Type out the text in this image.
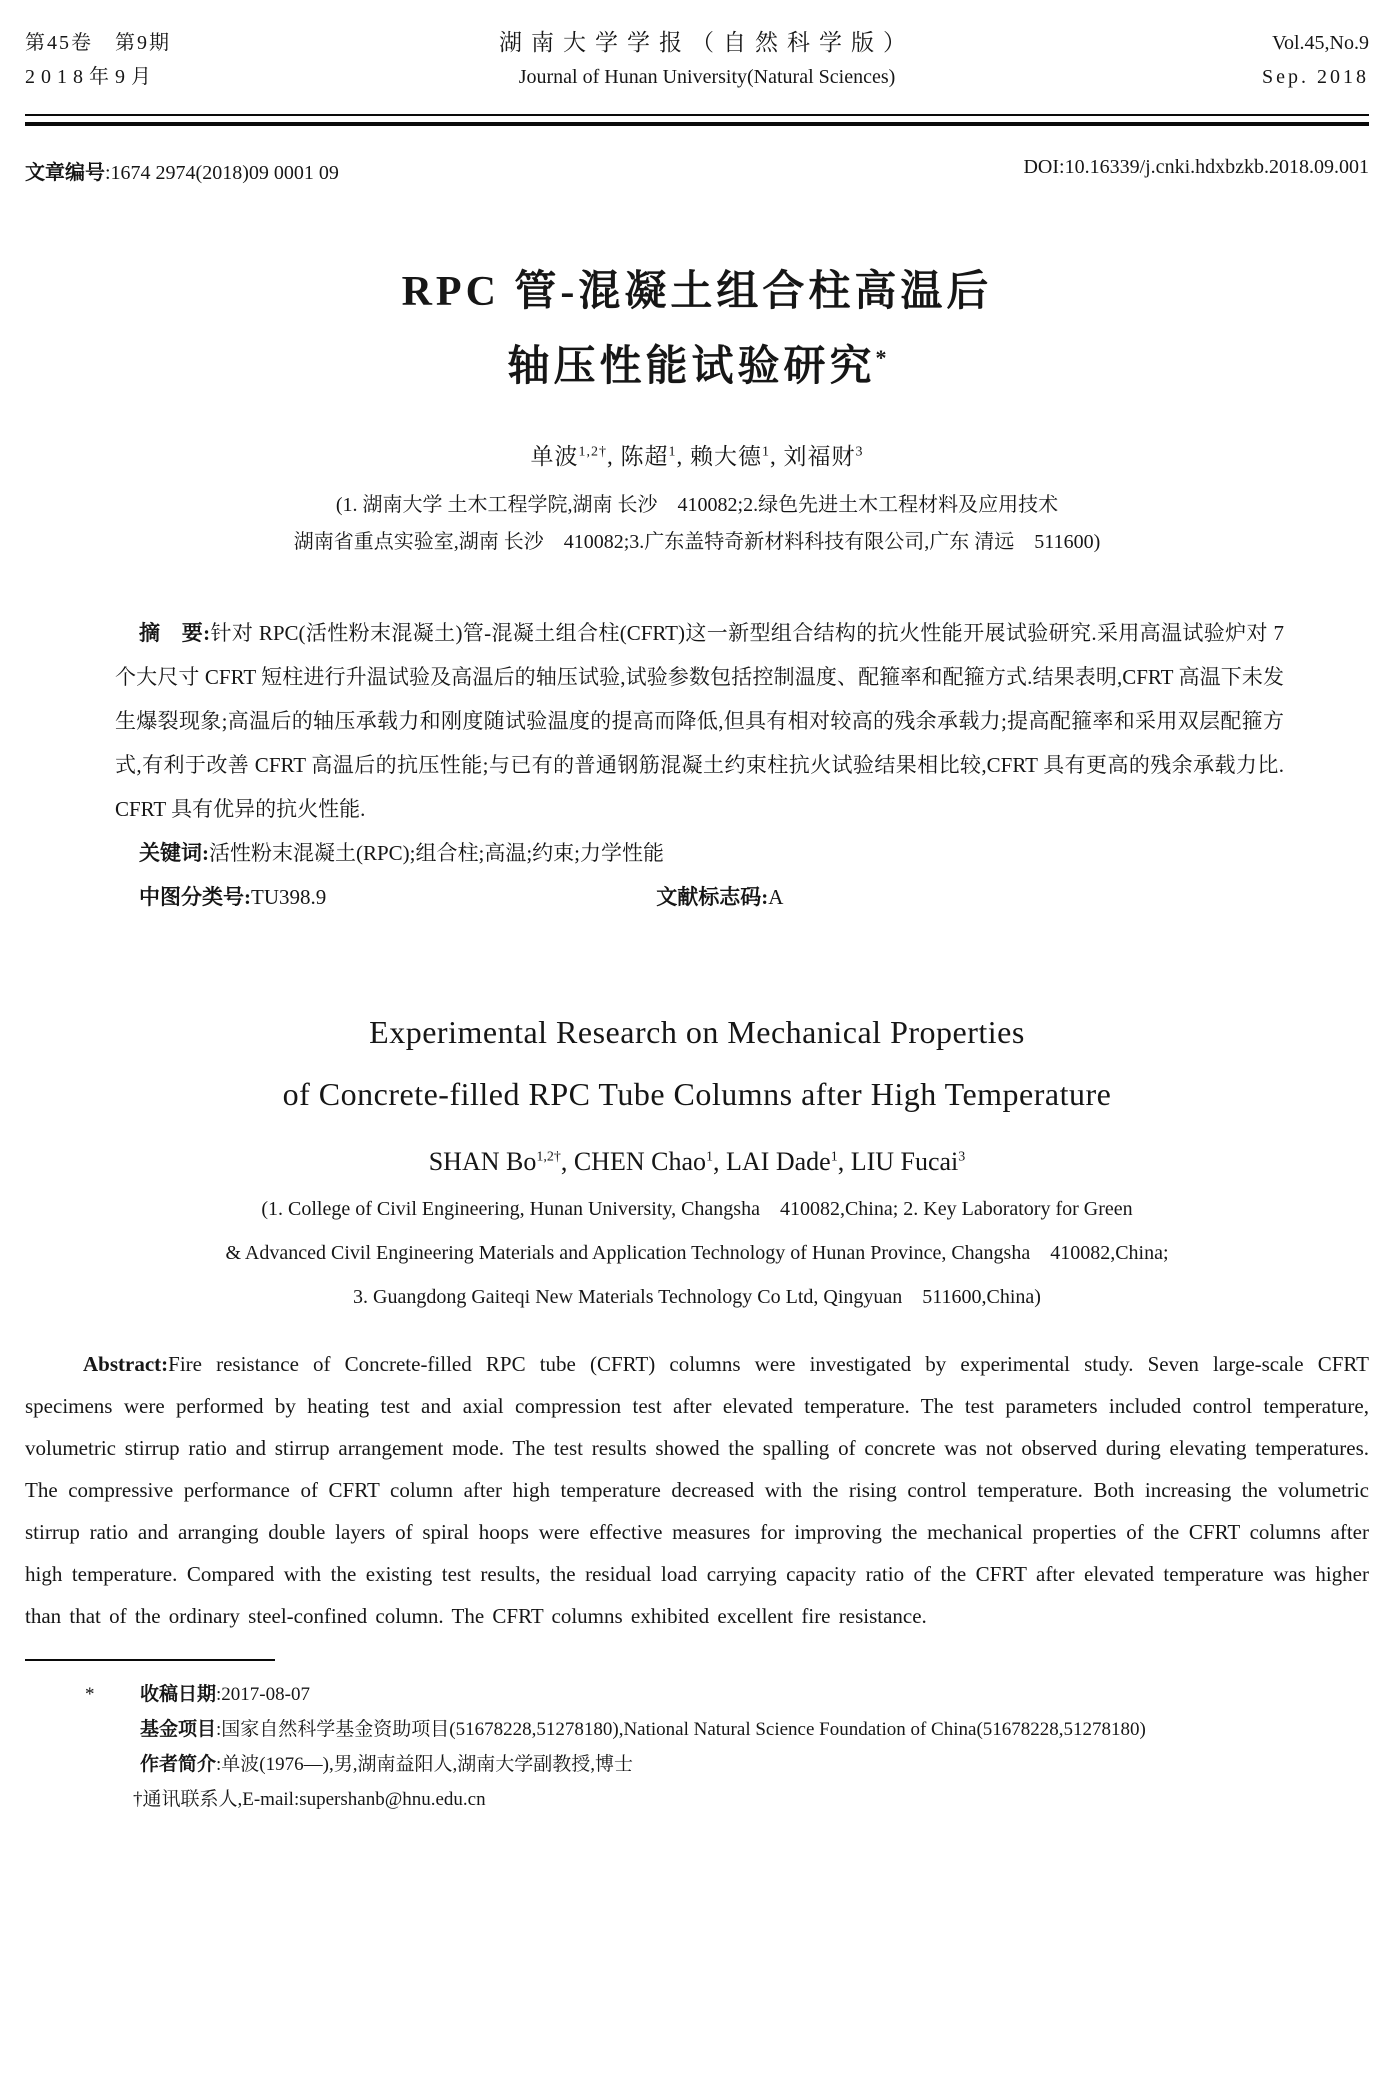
第45卷　第9期
2018年9月
湖南大学学报（自然科学版）
Journal of Hunan University(Natural Sciences)
Vol.45,No.9
Sep. 2018
文章编号:1674 2974(2018)09 0001 09	DOI:10.16339/j.cnki.hdxbzkb.2018.09.001
RPC 管-混凝土组合柱高温后
轴压性能试验研究*
单波$^{1,2\dagger}$, 陈超$^1$, 赖大德$^1$, 刘福财$^3$
(1. 湖南大学 土木工程学院,湖南 长沙　410082;2.绿色先进土木工程材料及应用技术
湖南省重点实验室,湖南 长沙　410082;3.广东盖特奇新材料科技有限公司,广东 清远　511600)

摘　要:针对 RPC(活性粉末混凝土)管-混凝土组合柱(CFRT)这一新型组合结构的抗火性能开展试验研究.采用高温试验炉对 7 个大尺寸 CFRT 短柱进行升温试验及高温后的轴压试验,试验参数包括控制温度、配箍率和配箍方式.结果表明,CFRT 高温下未发生爆裂现象;高温后的轴压承载力和刚度随试验温度的提高而降低,但具有相对较高的残余承载力;提高配箍率和采用双层配箍方式,有利于改善 CFRT 高温后的抗压性能;与已有的普通钢筋混凝土约束柱抗火试验结果相比较,CFRT 具有更高的残余承载力比. CFRT 具有优异的抗火性能.

关键词:活性粉末混凝土(RPC);组合柱;高温;约束;力学性能

中图分类号:TU398.9	文献标志码:A

Experimental Research on Mechanical Properties
of Concrete-filled RPC Tube Columns after High Temperature
SHAN $Bo^{1,2\dagger}$, CHEN Chao$^1$, LAI Dade$^1$, LIU Fucai$^3$
(1. College of Civil Engineering, Hunan University, Changsha　410082,China; 2. Key Laboratory for Green
& Advanced Civil Engineering Materials and Application Technology of Hunan Province, Changsha　410082,China;
3. Guangdong Gaiteqi New Materials Technology Co Ltd, Qingyuan　511600,China)

Abstract:Fire resistance of Concrete-filled RPC tube (CFRT) columns were investigated by experimental study. Seven large-scale CFRT specimens were performed by heating test and axial compression test after elevated temperature. The test parameters included control temperature, volumetric stirrup ratio and stirrup arrangement mode. The test results showed the spalling of concrete was not observed during elevating temperatures. The compressive performance of CFRT column after high temperature decreased with the rising control temperature. Both increasing the volumetric stirrup ratio and arranging double layers of spiral hoops were effective measures for improving the mechanical properties of the CFRT columns after high temperature. Compared with the existing test results, the residual load carrying capacity ratio of the CFRT after elevated temperature was higher than that of the ordinary steel-confined column. The CFRT columns exhibited excellent fire resistance.

* 收稿日期:2017-08-07
基金项目:国家自然科学基金资助项目(51678228,51278180),National Natural Science Foundation of China(51678228,51278180)
作者简介:单波(1976—),男,湖南益阳人,湖南大学副教授,博士
†通讯联系人,E-mail:supershanb@hnu.edu.cn
